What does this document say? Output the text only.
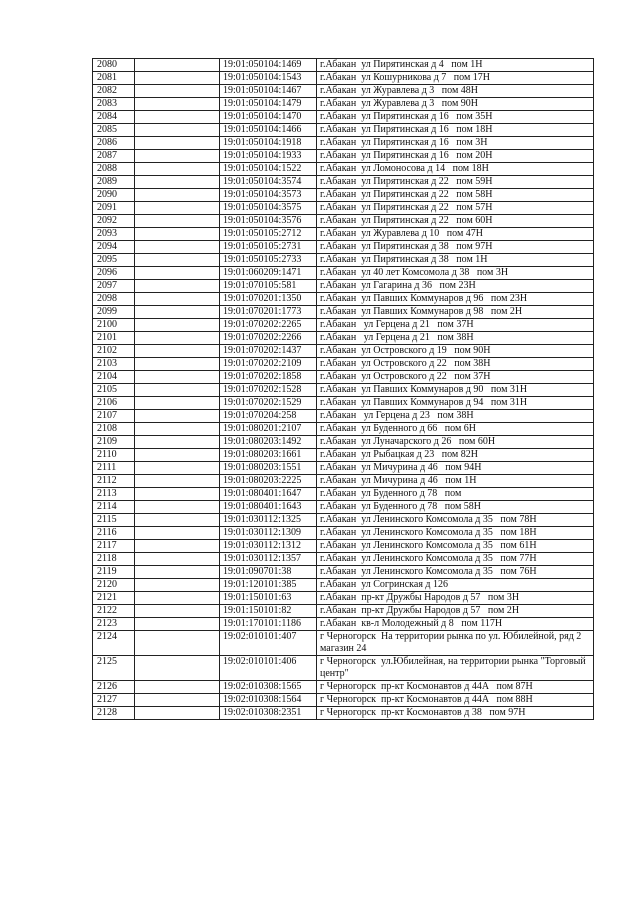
2080		19:01:050104:1469	г.Абакан  ул Пирятинская д 4   пом 1Н
2081		19:01:050104:1543	г.Абакан  ул Кошурникова д 7   пом 17Н
2082		19:01:050104:1467	г.Абакан  ул Журавлева д 3   пом 48Н
2083		19:01:050104:1479	г.Абакан  ул Журавлева д 3   пом 90Н
2084		19:01:050104:1470	г.Абакан  ул Пирятинская д 16   пом 35Н
2085		19:01:050104:1466	г.Абакан  ул Пирятинская д 16   пом 18Н
2086		19:01:050104:1918	г.Абакан  ул Пирятинская д 16   пом 3Н
2087		19:01:050104:1933	г.Абакан  ул Пирятинская д 16   пом 20Н
2088		19:01:050104:1522	г.Абакан  ул Ломоносова д 14   пом 18Н
2089		19:01:050104:3574	г.Абакан  ул Пирятинская д 22   пом 59Н
2090		19:01:050104:3573	г.Абакан  ул Пирятинская д 22   пом 58Н
2091		19:01:050104:3575	г.Абакан  ул Пирятинская д 22   пом 57Н
2092		19:01:050104:3576	г.Абакан  ул Пирятинская д 22   пом 60Н
2093		19:01:050105:2712	г.Абакан  ул Журавлева д 10   пом 47Н
2094		19:01:050105:2731	г.Абакан  ул Пирятинская д 38   пом 97Н
2095		19:01:050105:2733	г.Абакан  ул Пирятинская д 38   пом 1Н
2096		19:01:060209:1471	г.Абакан  ул 40 лет Комсомола д 38   пом 3Н
2097		19:01:070105:581	г.Абакан  ул Гагарина д 36   пом 23Н
2098		19:01:070201:1350	г.Абакан  ул Павших Коммунаров д 96   пом 23Н
2099		19:01:070201:1773	г.Абакан  ул Павших Коммунаров д 98   пом 2Н
2100		19:01:070202:2265	г.Абакан   ул Герцена д 21   пом 37Н
2101		19:01:070202:2266	г.Абакан   ул Герцена д 21   пом 38Н
2102		19:01:070202:1437	г.Абакан  ул Островского д 19   пом 90Н
2103		19:01:070202:2109	г.Абакан  ул Островского д 22   пом 38Н
2104		19:01:070202:1858	г.Абакан  ул Островского д 22   пом 37Н
2105		19:01:070202:1528	г.Абакан  ул Павших Коммунаров д 90   пом 31Н
2106		19:01:070202:1529	г.Абакан  ул Павших Коммунаров д 94   пом 31Н
2107		19:01:070204:258	г.Абакан   ул Герцена д 23   пом 38Н
2108		19:01:080201:2107	г.Абакан  ул Буденного д 66   пом 6Н
2109		19:01:080203:1492	г.Абакан  ул Луначарского д 26   пом 60Н
2110		19:01:080203:1661	г.Абакан  ул Рыбацкая д 23   пом 82Н
2111		19:01:080203:1551	г.Абакан  ул Мичурина д 46   пом 94Н
2112		19:01:080203:2225	г.Абакан  ул Мичурина д 46   пом 1Н
2113		19:01:080401:1647	г.Абакан  ул Буденного д 78   пом
2114		19:01:080401:1643	г.Абакан  ул Буденного д 78   пом 58Н
2115		19:01:030112:1325	г.Абакан  ул Ленинского Комсомола д 35   пом 78Н
2116		19:01:030112:1309	г.Абакан  ул Ленинского Комсомола д 35   пом 18Н
2117		19:01:030112:1312	г.Абакан  ул Ленинского Комсомола д 35   пом 61Н
2118		19:01:030112:1357	г.Абакан  ул Ленинского Комсомола д 35   пом 77Н
2119		19:01:090701:38	г.Абакан  ул Ленинского Комсомола д 35   пом 76Н
2120		19:01:120101:385	г.Абакан  ул Согринская д 126
2121		19:01:150101:63	г.Абакан  пр-кт Дружбы Народов д 57   пом 3Н
2122		19:01:150101:82	г.Абакан  пр-кт Дружбы Народов д 57   пом 2Н
2123		19:01:170101:1186	г.Абакан  кв-л Молодежный д 8   пом 117Н
2124		19:02:010101:407	г Черногорск  На территории рынка по ул. Юбилейной, ряд 2    магазин 24
2125		19:02:010101:406	г Черногорск  ул.Юбилейная, на территории рынка "Торговый центр"
2126		19:02:010308:1565	г Черногорск  пр-кт Космонавтов д 44А   пом 87Н
2127		19:02:010308:1564	г Черногорск  пр-кт Космонавтов д 44А   пом 88Н
2128		19:02:010308:2351	г Черногорск  пр-кт Космонавтов д 38   пом 97Н
